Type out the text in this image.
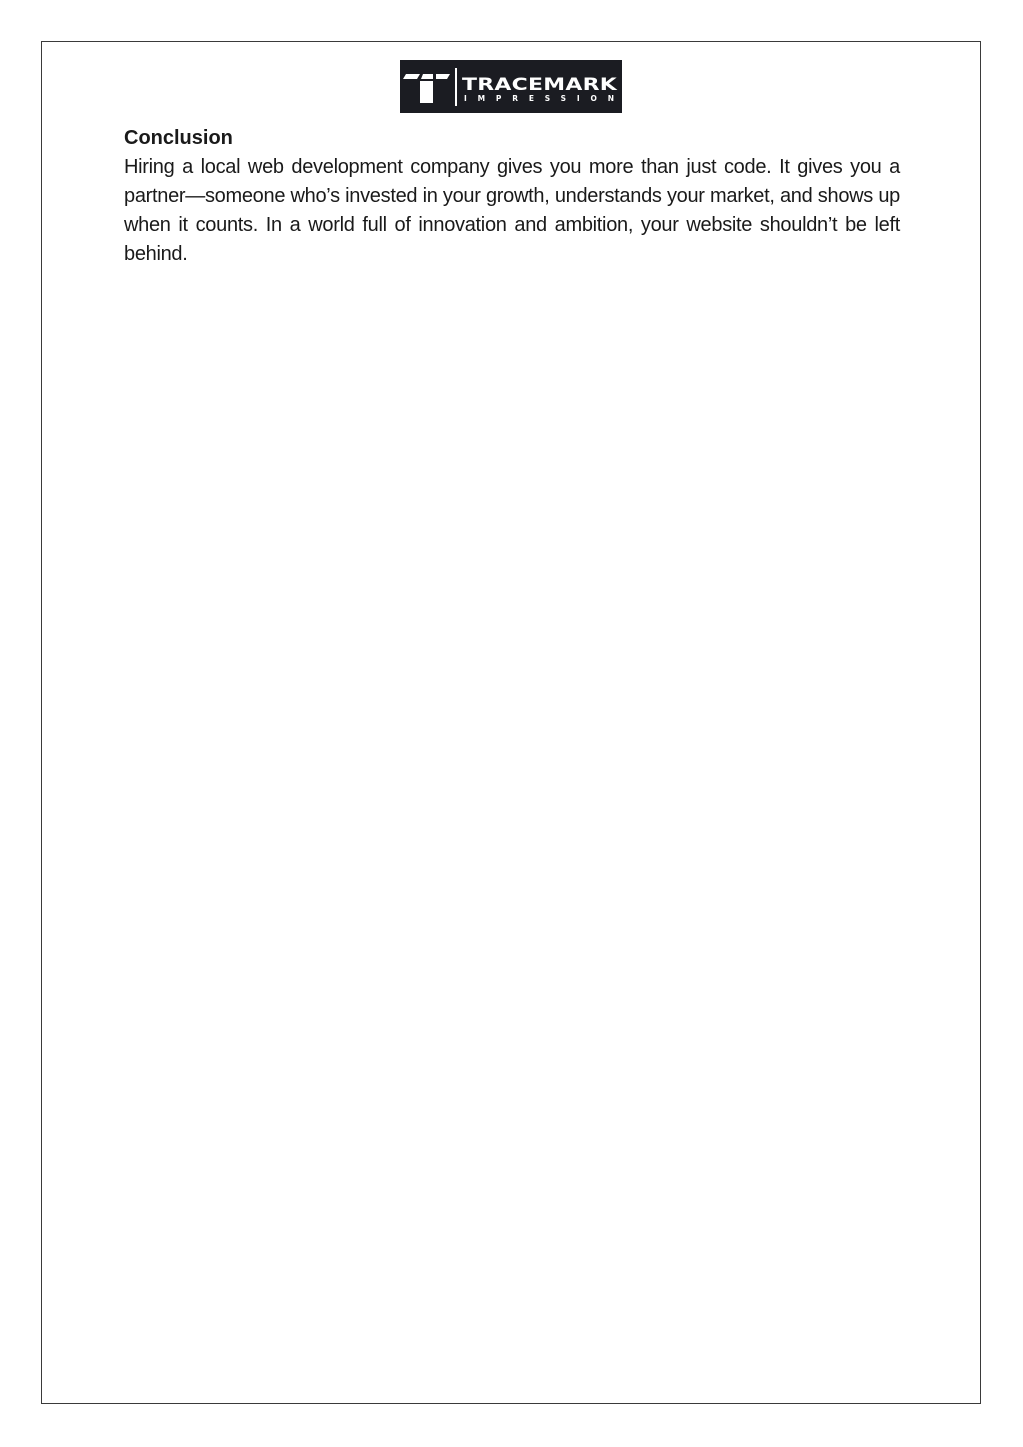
TRACEMARK
IMPRESSION

Conclusion

Hiring a local web development company gives you more than just code. It gives you a partner—someone who’s invested in your growth, understands your market, and shows up when it counts. In a world full of innovation and ambition, your website shouldn’t be left behind.
